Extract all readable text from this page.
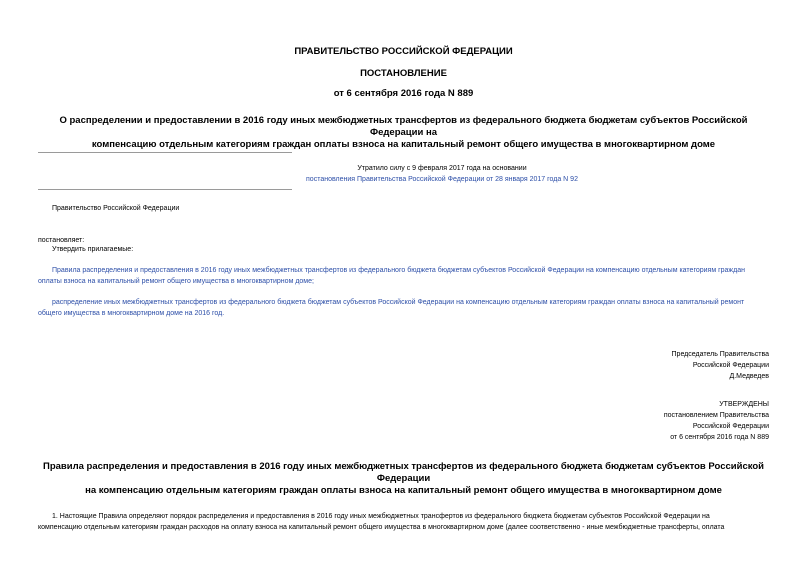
ПРАВИТЕЛЬСТВО РОССИЙСКОЙ ФЕДЕРАЦИИ
ПОСТАНОВЛЕНИЕ
от 6 сентября 2016 года N 889
О распределении и предоставлении в 2016 году иных межбюджетных трансфертов из федерального бюджета бюджетам субъектов Российской Федерации на
компенсацию отдельным категориям граждан оплаты взноса на капитальный ремонт общего имущества в многоквартирном доме
Утратило силу с 9 февраля 2017 года на основании
постановления Правительства Российской Федерации от 28 января 2017 года N 92
Правительство Российской Федерации
постановляет:
Утвердить прилагаемые:
Правила распределения и предоставления в 2016 году иных межбюджетных трансфертов из федерального бюджета бюджетам субъектов Российской Федерации на компенсацию отдельным категориям граждан
оплаты взноса на капитальный ремонт общего имущества в многоквартирном доме;
распределение иных межбюджетных трансфертов из федерального бюджета бюджетам субъектов Российской Федерации на компенсацию отдельным категориям граждан оплаты взноса на капитальный ремонт
общего имущества в многоквартирном доме на 2016 год.
Председатель Правительства
Российской Федерации
Д.Медведев
УТВЕРЖДЕНЫ
постановлением Правительства
Российской Федерации
от 6 сентября 2016 года N 889
Правила распределения и предоставления в 2016 году иных межбюджетных трансфертов из федерального бюджета бюджетам субъектов Российской Федерации
на компенсацию отдельным категориям граждан оплаты взноса на капитальный ремонт общего имущества в многоквартирном доме
1. Настоящие Правила определяют порядок распределения и предоставления в 2016 году иных межбюджетных трансфертов из федерального бюджета бюджетам субъектов Российской Федерации на
компенсацию отдельным категориям граждан расходов на оплату взноса на капитальный ремонт общего имущества в многоквартирном доме (далее соответственно - иные межбюджетные трансферты, оплата
